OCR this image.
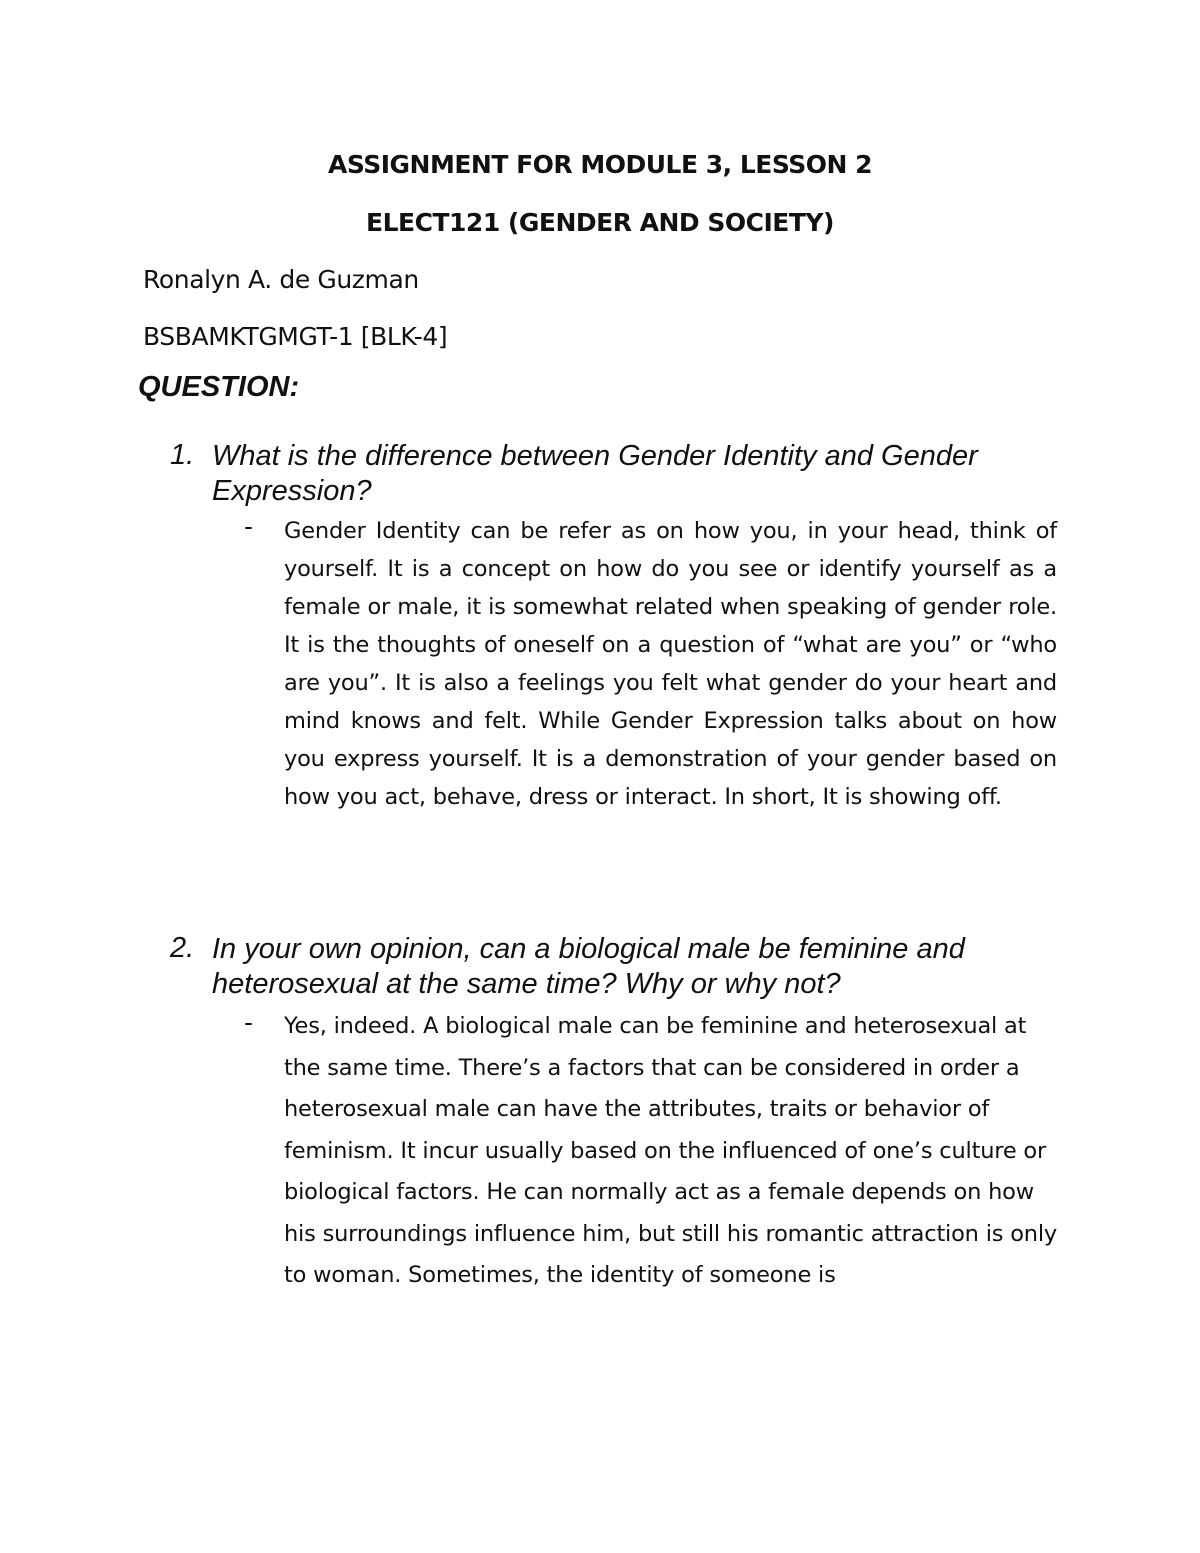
ASSIGNMENT FOR MODULE 3, LESSON 2
ELECT121 (GENDER AND SOCIETY)
Ronalyn A. de Guzman
BSBAMKTGMGT-1 [BLK-4]
QUESTION:
1. What is the difference between Gender Identity and Gender Expression?
- Gender Identity can be refer as on how you, in your head, think of yourself. It is a concept on how do you see or identify yourself as a female or male, it is somewhat related when speaking of gender role. It is the thoughts of oneself on a question of “what are you” or “who are you”. It is also a feelings you felt what gender do your heart and mind knows and felt. While Gender Expression talks about on how you express yourself. It is a demonstration of your gender based on how you act, behave, dress or interact. In short, It is showing off.
2. In your own opinion, can a biological male be feminine and heterosexual at the same time? Why or why not?
- Yes, indeed. A biological male can be feminine and heterosexual at the same time. There’s a factors that can be considered in order a heterosexual male can have the attributes, traits or behavior of feminism. It incur usually based on the influenced of one’s culture or biological factors. He can normally act as a female depends on how his surroundings influence him, but still his romantic attraction is only to woman. Sometimes, the identity of someone is
